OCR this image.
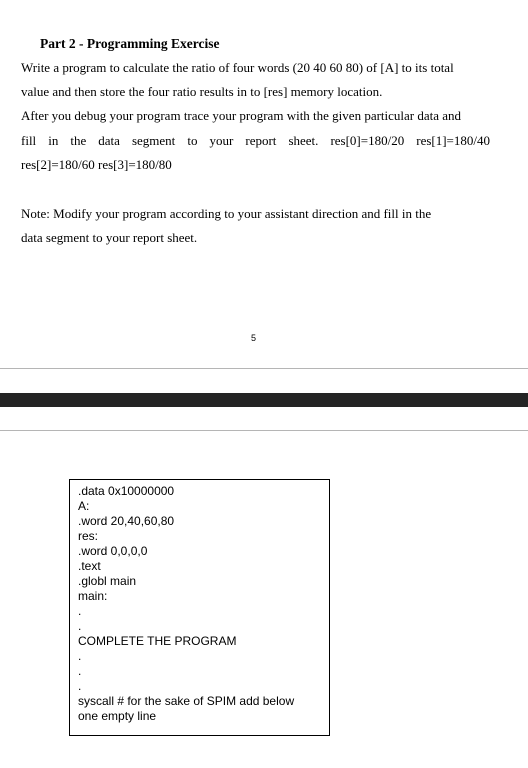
Part 2 - Programming Exercise
Write a program to calculate the ratio of four words (20 40 60 80) of [A] to its total
value and then store the four ratio results in to [res] memory location.
After you debug your program trace your program with the given particular data and
fill in the data segment to your report sheet. res[0]=180/20 res[1]=180/40
res[2]=180/60 res[3]=180/80
Note: Modify your program according to your assistant direction and fill in the
data segment to your report sheet.
5
.data 0x10000000
A:
.word 20,40,60,80
res:
.word 0,0,0,0
.text
.globl main
main:
.
.
COMPLETE THE PROGRAM
.
.
.
syscall # for the sake of SPIM add below
one empty line
